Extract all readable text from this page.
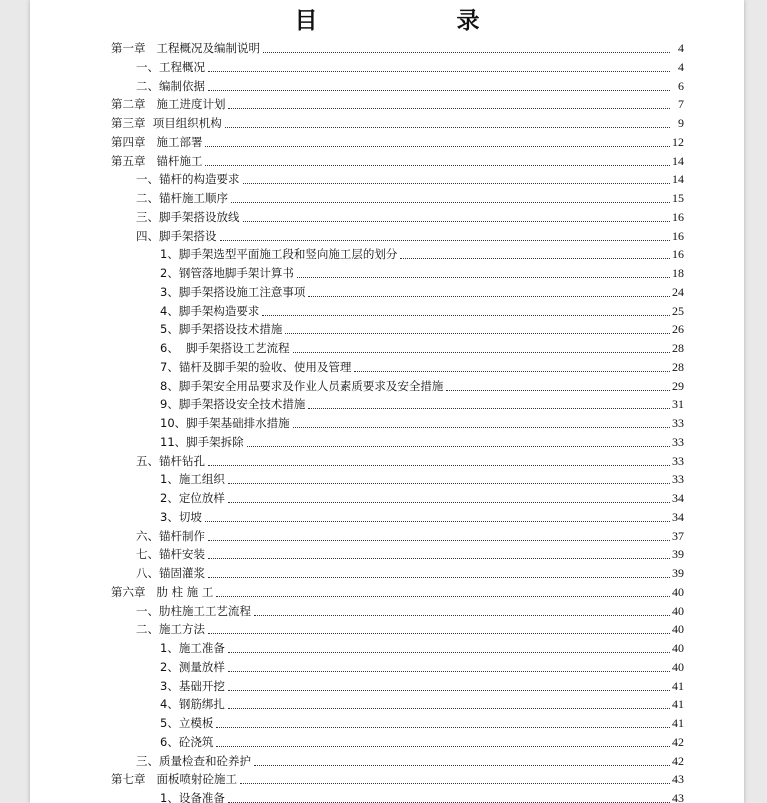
目　录
第一章   工程概况及编制说明	4
一、工程概况	4
二、编制依据	6
第二章   施工进度计划	7
第三章  项目组织机构	9
第四章   施工部署	12
第五章   锚杆施工	14
一、锚杆的构造要求	14
二、锚杆施工顺序	15
三、脚手架搭设放线	16
四、脚手架搭设	16
1、脚手架选型平面施工段和竖向施工层的划分	16
2、钢管落地脚手架计算书	18
3、脚手架搭设施工注意事项	24
4、脚手架构造要求	25
5、脚手架搭设技术措施	26
6、  脚手架搭设工艺流程	28
7、锚杆及脚手架的验收、使用及管理	28
8、脚手架安全用品要求及作业人员素质要求及安全措施	29
9、脚手架搭设安全技术措施	31
10、脚手架基础排水措施	33
11、脚手架拆除	33
五、锚杆钻孔	33
1、施工组织	33
2、定位放样	34
3、切坡	34
六、锚杆制作	37
七、锚杆安装	39
八、锚固灌浆	39
第六章   肋 柱 施 工	40
一、肋柱施工工艺流程	40
二、施工方法	40
1、施工准备	40
2、测量放样	40
3、基础开挖	41
4、钢筋绑扎	41
5、立模板	41
6、砼浇筑	42
三、质量检查和砼养护	42
第七章   面板喷射砼施工	43
1、设备准备	43
